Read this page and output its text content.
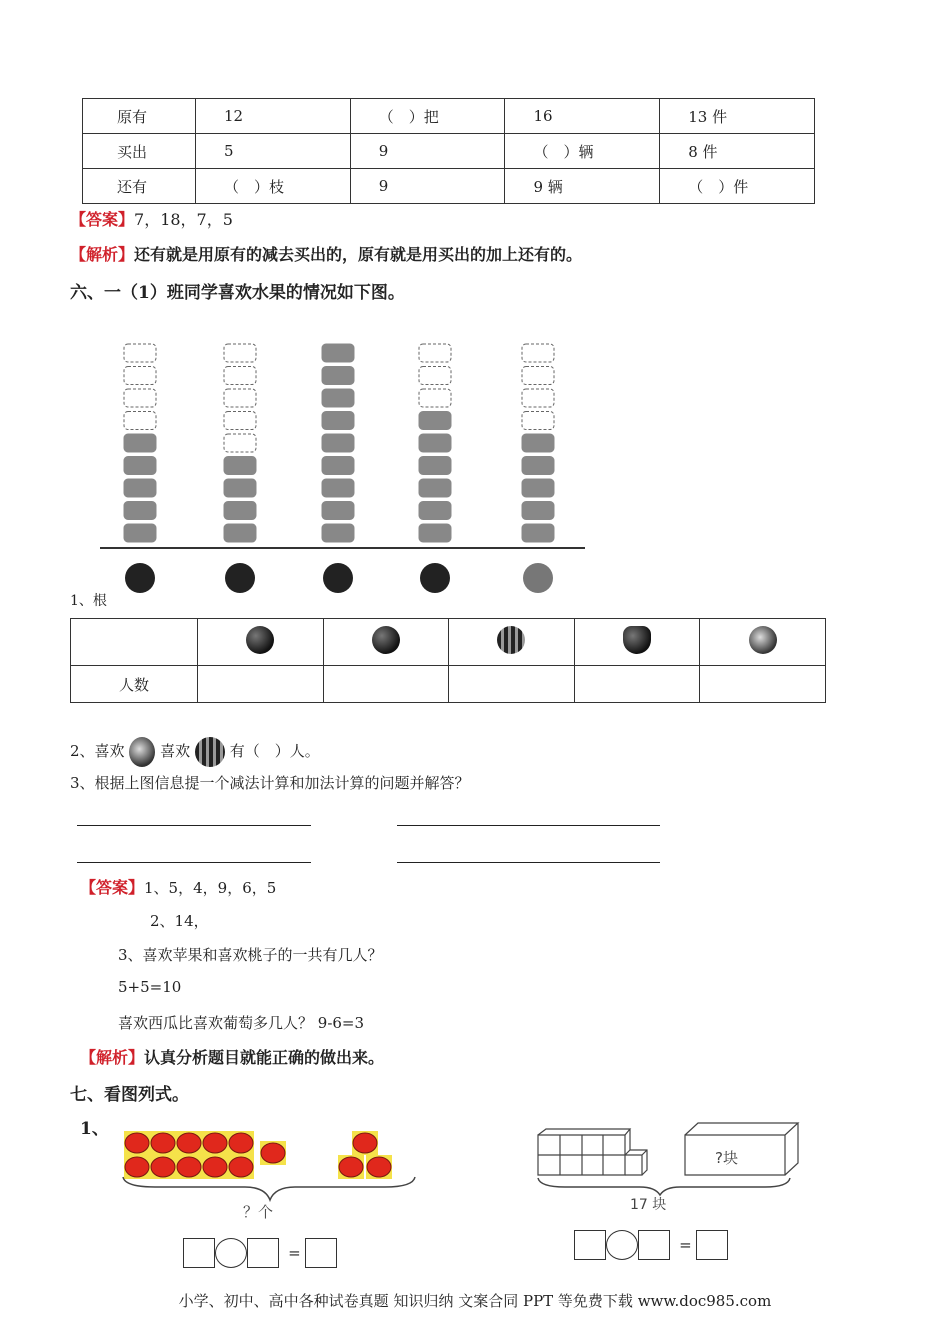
原有	12	（　）把	16	13 件
买出	5	9	（　）辆	8 件
还有	（　）枝	9	9 辆	（　）件
【答案】7，18，7，5
【解析】还有就是用原有的减去买出的，原有就是用买出的加上还有的。
六、一（1）班同学喜欢水果的情况如下图。
1、根

人数					
2、喜欢 喜欢	有（　）人。
3、根据上图信息提一个减法计算和加法计算的问题并解答？
【答案】1、5，4，9，6，5
2、14，
3、喜欢苹果和喜欢桃子的一共有几人？
5+5=10
喜欢西瓜比喜欢葡萄多几人？ 9-6=3
【解析】认真分析题目就能正确的做出来。
七、看图列式。
1、
？个
=
?块
17 块
=
小学、初中、高中各种试卷真题 知识归纳 文案合同 PPT 等免费下载 www.doc985.com
